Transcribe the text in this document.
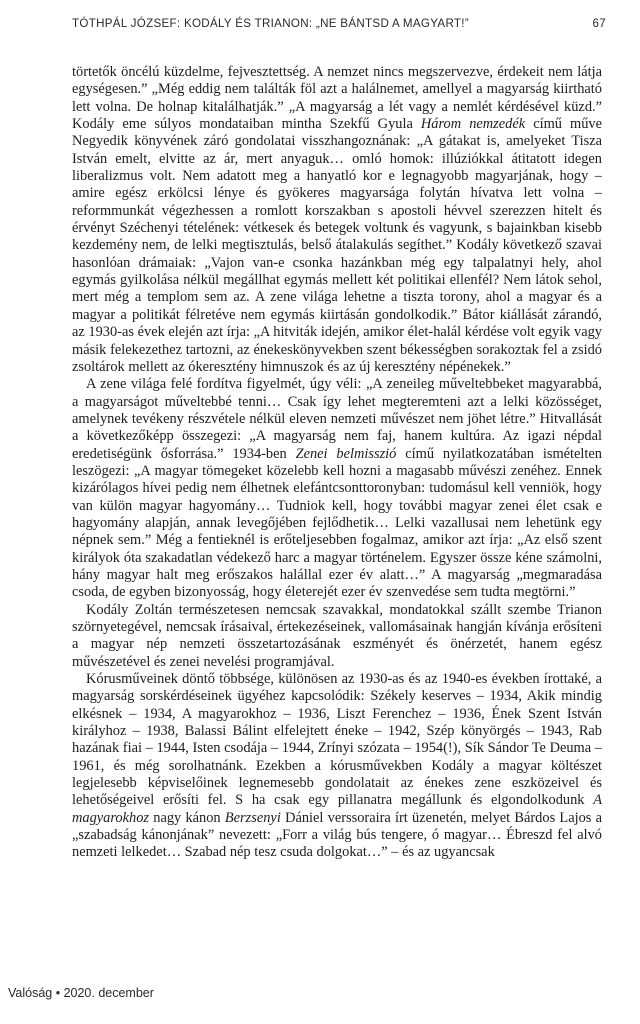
TÓTHPÁL JÓZSEF: KODÁLY ÉS TRIANON: „NE BÁNTSD A MAGYART!”	67

törtetők öncélú küzdelme, fejvesztettség. A nemzet nincs megszervezve, érdekeit nem látja egységesen.” „Még eddig nem találták föl azt a halálnemet, amellyel a magyarság kiirtható lett volna. De holnap kitalálhatják.” „A magyarság a lét vagy a nemlét kérdésével küzd.” Kodály eme súlyos mondataiban mintha Szekfű Gyula Három nemzedék című műve Negyedik könyvének záró gondolatai visszhangoznának: „A gátakat is, amelyeket Tisza István emelt, elvitte az ár, mert anyaguk… omló homok: illúziókkal átitatott idegen liberalizmus volt. Nem adatott meg a hanyatló kor e legnagyobb magyarjának, hogy – amire egész erkölcsi lénye és gyökeres magyarsága folytán hívatva lett volna – reformmunkát végezhessen a romlott korszakban s apostoli hévvel szerezzen hitelt és érvényt Széchenyi tételének: vétkesek és betegek voltunk és vagyunk, s bajainkban kisebb kezdemény nem, de lelki megtisztulás, belső átalakulás segíthet.” Kodály következő szavai hasonlóan drámaiak: „Vajon van-e csonka hazánkban még egy talpalatnyi hely, ahol egymás gyilkolása nélkül megállhat egymás mellett két politikai ellenfél? Nem látok sehol, mert még a templom sem az. A zene világa lehetne a tiszta torony, ahol a magyar és a magyar a politikát félretéve nem egymás kiirtásán gondolkodik.” Bátor kiállását zárandó, az 1930-as évek elején azt írja: „A hitviták idején, amikor élet-halál kérdése volt egyik vagy másik felekezethez tartozni, az énekeskönyvekben szent békességben sorakoztak fel a zsidó zsoltárok mellett az ókeresztény himnuszok és az új keresztény népénekek.”

A zene világa felé fordítva figyelmét, úgy véli: „A zeneileg műveltebbeket magyarabbá, a magyarságot műveltebbé tenni… Csak így lehet megteremteni azt a lelki közösséget, amelynek tevékeny részvétele nélkül eleven nemzeti művészet nem jöhet létre.” Hitvallását a következőképp összegezi: „A magyarság nem faj, hanem kultúra. Az igazi népdal eredetiségünk ősforrása.” 1934-ben Zenei belmisszió című nyilatkozatában ismételten leszögezi: „A magyar tömegeket közelebb kell hozni a magasabb művészi zenéhez. Ennek kizárólagos hívei pedig nem élhetnek elefántcsonttoronyban: tudomásul kell venniök, hogy van külön magyar hagyomány… Tudniok kell, hogy további magyar zenei élet csak e hagyomány alapján, annak levegőjében fejlődhetik… Lelki vazallusai nem lehetünk egy népnek sem.” Még a fentieknél is erőteljesebben fogalmaz, amikor azt írja: „Az első szent királyok óta szakadatlan védekező harc a magyar történelem. Egyszer össze kéne számolni, hány magyar halt meg erőszakos halállal ezer év alatt…” A magyarság „megmaradása csoda, de egyben bizonyosság, hogy életerejét ezer év szenvedése sem tudta megtörni.”

Kodály Zoltán természetesen nemcsak szavakkal, mondatokkal szállt szembe Trianon szörnyetegével, nemcsak írásaival, értekezéseinek, vallomásainak hangján kívánja erősíteni a magyar nép nemzeti összetartozásának eszményét és önérzetét, hanem egész művészetével és zenei nevelési programjával.

Kórusműveinek döntő többsége, különösen az 1930-as és az 1940-es években írottaké, a magyarság sorskérdéseinek ügyéhez kapcsolódik: Székely keserves – 1934, Akik mindig elkésnek – 1934, A magyarokhoz – 1936, Liszt Ferenchez – 1936, Ének Szent István királyhoz – 1938, Balassi Bálint elfelejtett éneke – 1942, Szép könyörgés – 1943, Rab hazának fiai – 1944, Isten csodája – 1944, Zrínyi szózata – 1954(!), Sík Sándor Te Deuma – 1961, és még sorolhatnánk. Ezekben a kórusművekben Kodály a magyar költészet legjelesebb képviselőinek legnemesebb gondolatait az énekes zene eszközeivel és lehetőségeivel erősíti fel. S ha csak egy pillanatra megállunk és elgondolkodunk A magyarokhoz nagy kánon Berzsenyi Dániel verssoraira írt üzenetén, melyet Bárdos Lajos a „szabadság kánonjának” nevezett: „Forr a világ bús tengere, ó magyar… Ébreszd fel alvó nemzeti lelkedet… Szabad nép tesz csuda dolgokat…” – és az ugyancsak

Valóság • 2020. december
